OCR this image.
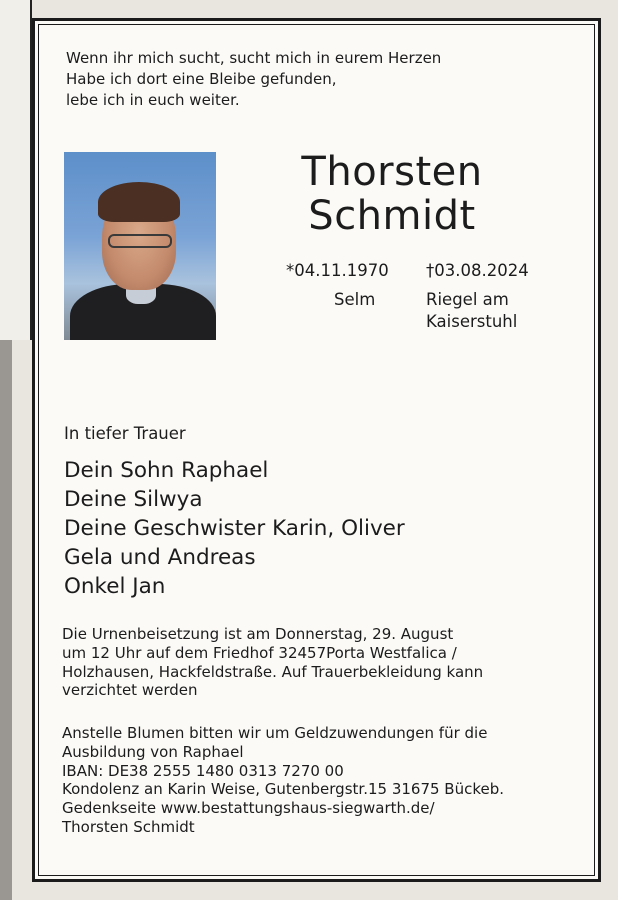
Wenn ihr mich sucht, sucht mich in eurem Herzen
Habe ich dort eine Bleibe gefunden,
lebe ich in euch weiter.
Thorsten
Schmidt
*04.11.1970 †03.08.2024
Selm	Riegel am
Kaiserstuhl
In tiefer Trauer
Dein Sohn Raphael
Deine Silwya
Deine Geschwister Karin, Oliver
Gela und Andreas
Onkel Jan
Die Urnenbeisetzung ist am Donnerstag, 29. August
um 12 Uhr auf dem Friedhof 32457Porta Westfalica /
Holzhausen, Hackfeldstraße. Auf Trauerbekleidung kann
verzichtet werden
Anstelle Blumen bitten wir um Geldzuwendungen für die
Ausbildung von Raphael
IBAN: DE38 2555 1480 0313 7270 00
Kondolenz an Karin Weise, Gutenbergstr.15 31675 Bückeb.
Gedenkseite www.bestattungshaus-siegwarth.de/
Thorsten Schmidt
